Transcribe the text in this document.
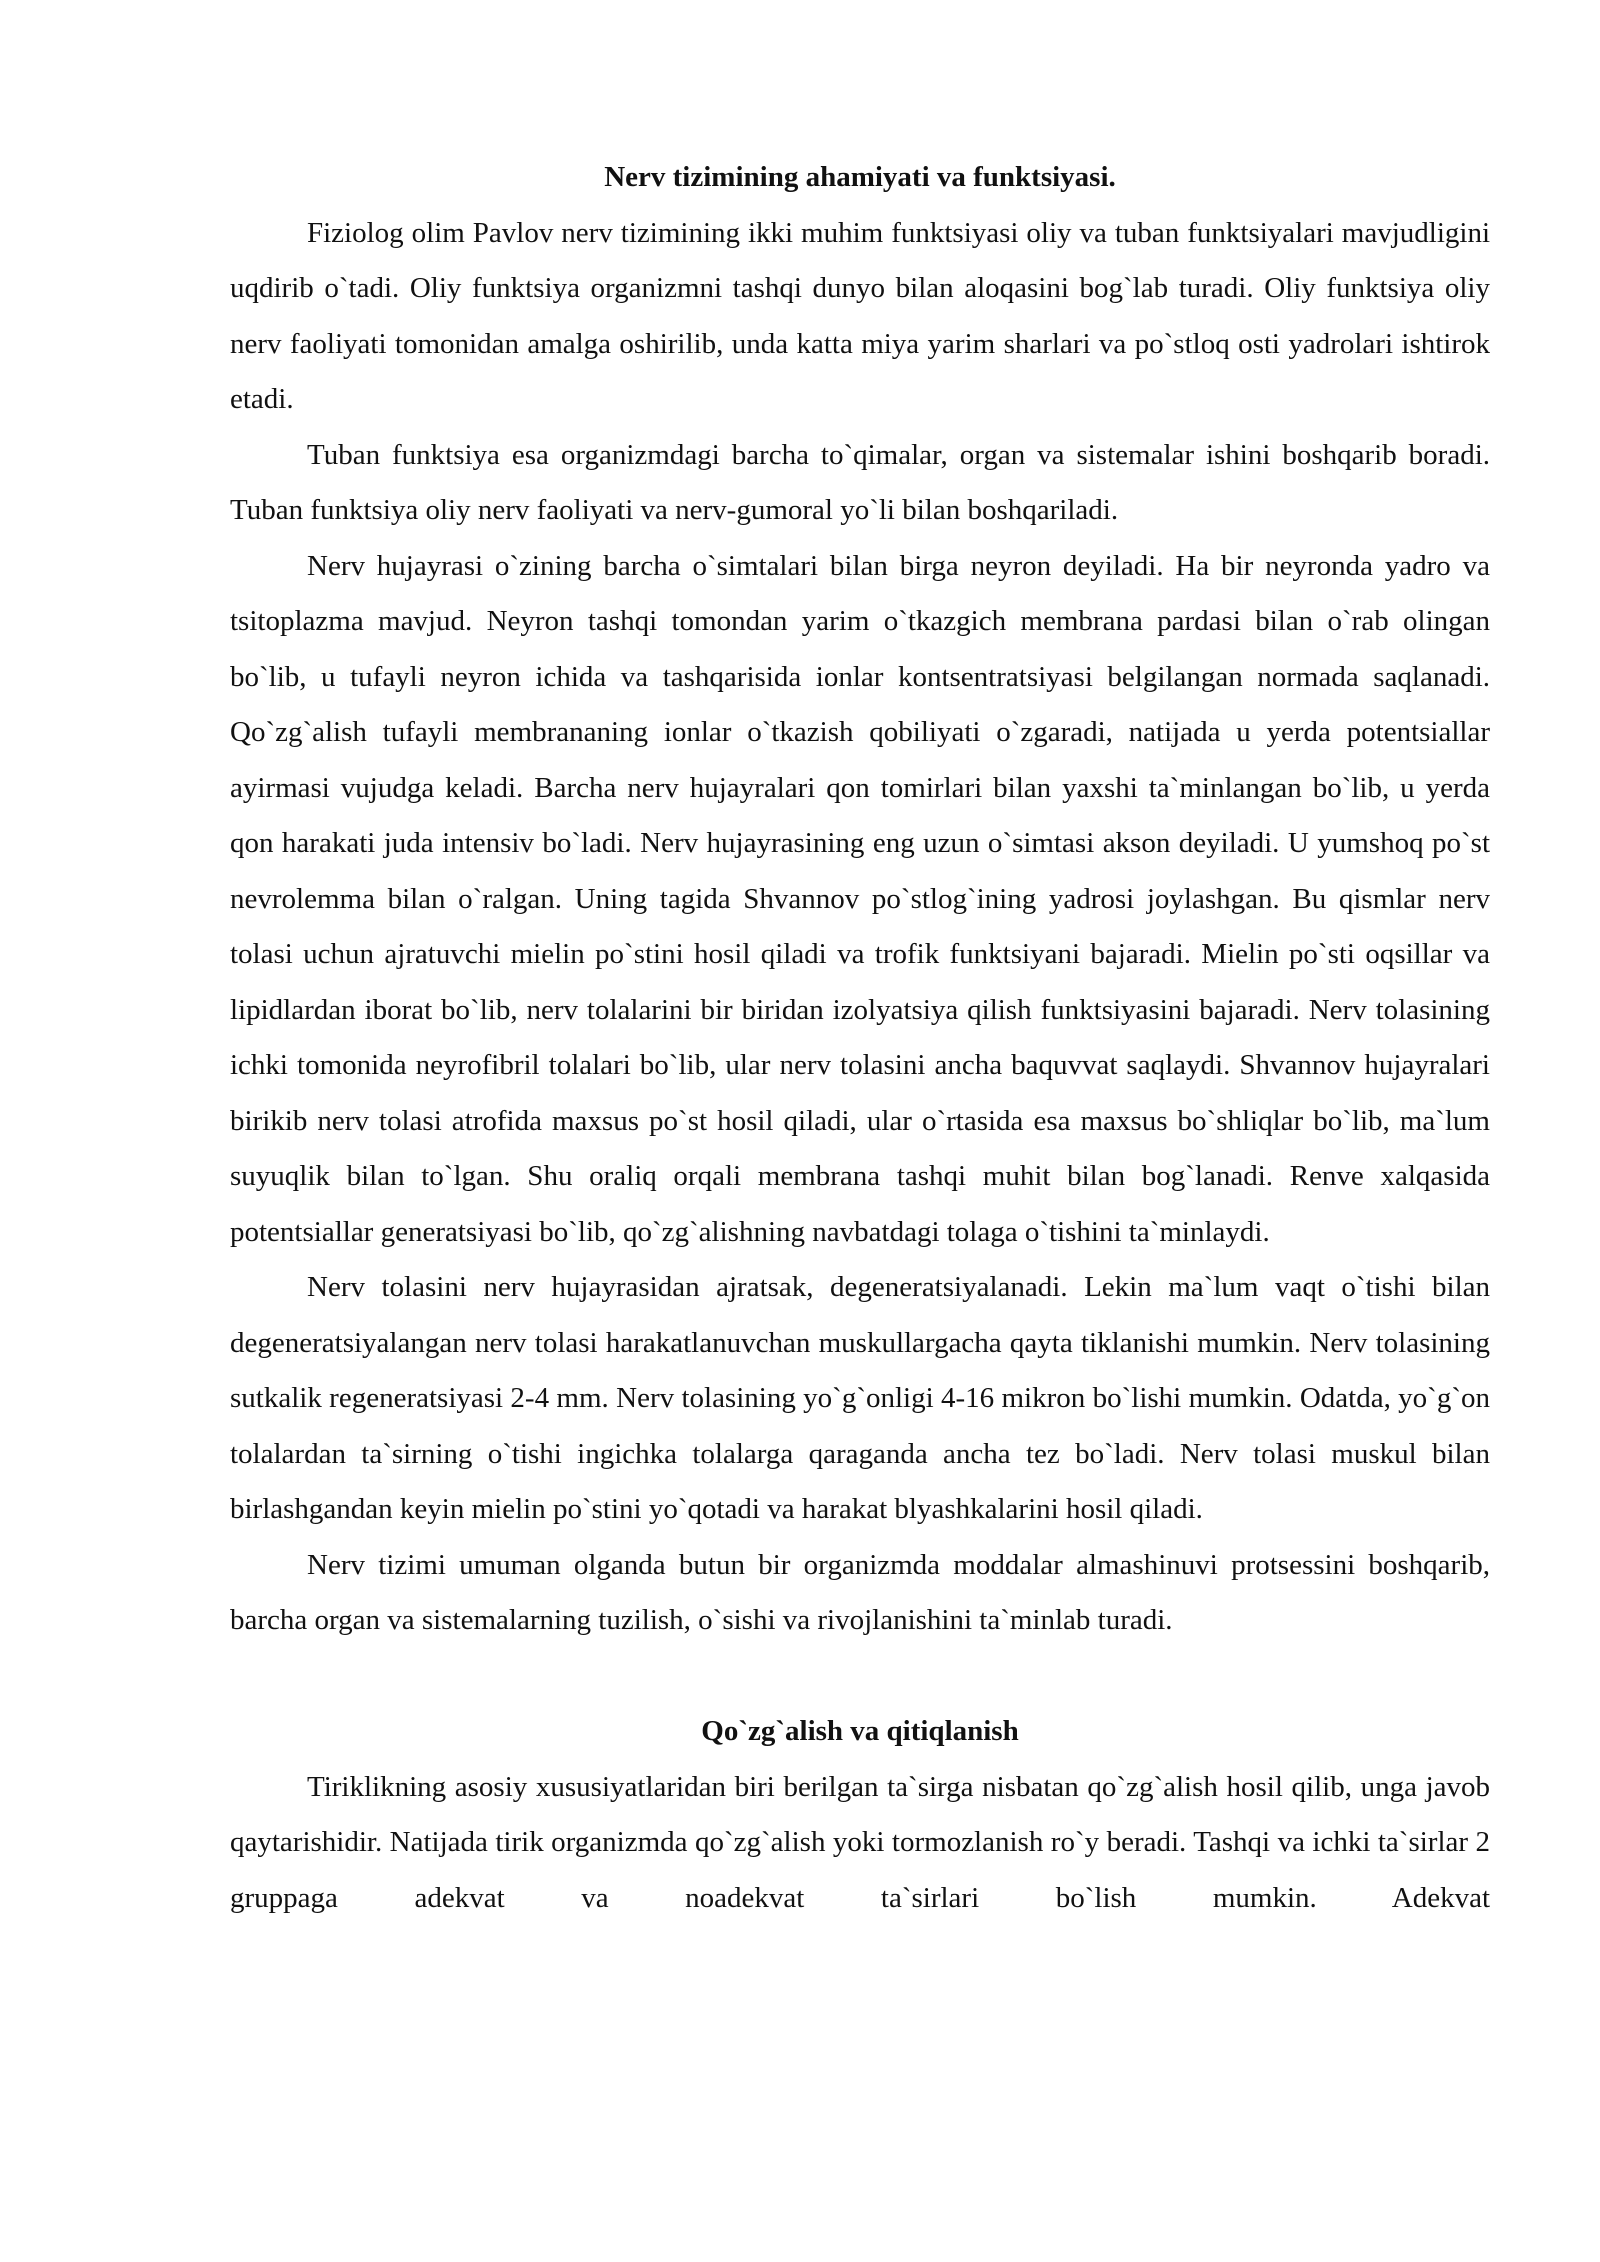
Nerv tizimining ahamiyati va funktsiyasi.

Fiziolog olim Pavlov nerv tizimining ikki muhim funktsiyasi oliy va tuban funktsiyalari mavjudligini uqdirib o`tadi. Oliy funktsiya organizmni tashqi dunyo bilan aloqasini bog`lab turadi. Oliy funktsiya oliy nerv faoliyati tomonidan amalga oshirilib, unda katta miya yarim sharlari va po`stloq osti yadrolari ishtirok etadi.

Tuban funktsiya esa organizmdagi barcha to`qimalar, organ va sistemalar ishini boshqarib boradi. Tuban funktsiya oliy nerv faoliyati va nerv-gumoral yo`li bilan boshqariladi.

Nerv hujayrasi o`zining barcha o`simtalari bilan birga neyron deyiladi. Ha bir neyronda yadro va tsitoplazma mavjud. Neyron tashqi tomondan yarim o`tkazgich membrana pardasi bilan o`rab olingan bo`lib, u tufayli neyron ichida va tashqarisida ionlar kontsentratsiyasi belgilangan normada saqlanadi. Qo`zg`alish tufayli membrananing ionlar o`tkazish qobiliyati o`zgaradi, natijada u yerda potentsiallar ayirmasi vujudga keladi. Barcha nerv hujayralari qon tomirlari bilan yaxshi ta`minlangan bo`lib, u yerda qon harakati juda intensiv bo`ladi. Nerv hujayrasining eng uzun o`simtasi akson deyiladi. U yumshoq po`st nevrolemma bilan o`ralgan. Uning tagida Shvannov po`stlog`ining yadrosi joylashgan. Bu qismlar nerv tolasi uchun ajratuvchi mielin po`stini hosil qiladi va trofik funktsiyani bajaradi. Mielin po`sti oqsillar va lipidlardan iborat bo`lib, nerv tolalarini bir biridan izolyatsiya qilish funktsiyasini bajaradi. Nerv tolasining ichki tomonida neyrofibril tolalari bo`lib, ular nerv tolasini ancha baquvvat saqlaydi. Shvannov hujayralari birikib nerv tolasi atrofida maxsus po`st hosil qiladi, ular o`rtasida esa maxsus bo`shliqlar bo`lib, ma`lum suyuqlik bilan to`lgan. Shu oraliq orqali membrana tashqi muhit bilan bog`lanadi. Renve xalqasida potentsiallar generatsiyasi bo`lib, qo`zg`alishning navbatdagi tolaga o`tishini ta`minlaydi.

Nerv tolasini nerv hujayrasidan ajratsak, degeneratsiyalanadi. Lekin ma`lum vaqt o`tishi bilan degeneratsiyalangan nerv tolasi harakatlanuvchan muskullargacha qayta tiklanishi mumkin. Nerv tolasining sutkalik regeneratsiyasi 2-4 mm. Nerv tolasining yo`g`onligi 4-16 mikron bo`lishi mumkin. Odatda, yo`g`on tolalardan ta`sirning o`tishi ingichka tolalarga qaraganda ancha tez bo`ladi. Nerv tolasi muskul bilan birlashgandan keyin mielin po`stini yo`qotadi va harakat blyashkalarini hosil qiladi.

Nerv tizimi umuman olganda butun bir organizmda moddalar almashinuvi protsessini boshqarib, barcha organ va sistemalarning tuzilish, o`sishi va rivojlanishini ta`minlab turadi.

Qo`zg`alish va qitiqlanish

Tiriklikning asosiy xususiyatlaridan biri berilgan ta`sirga nisbatan qo`zg`alish hosil qilib, unga javob qaytarishidir. Natijada tirik organizmda qo`zg`alish yoki tormozlanish ro`y beradi. Tashqi va ichki ta`sirlar 2 gruppaga adekvat va noadekvat ta`sirlari bo`lish mumkin. Adekvat
